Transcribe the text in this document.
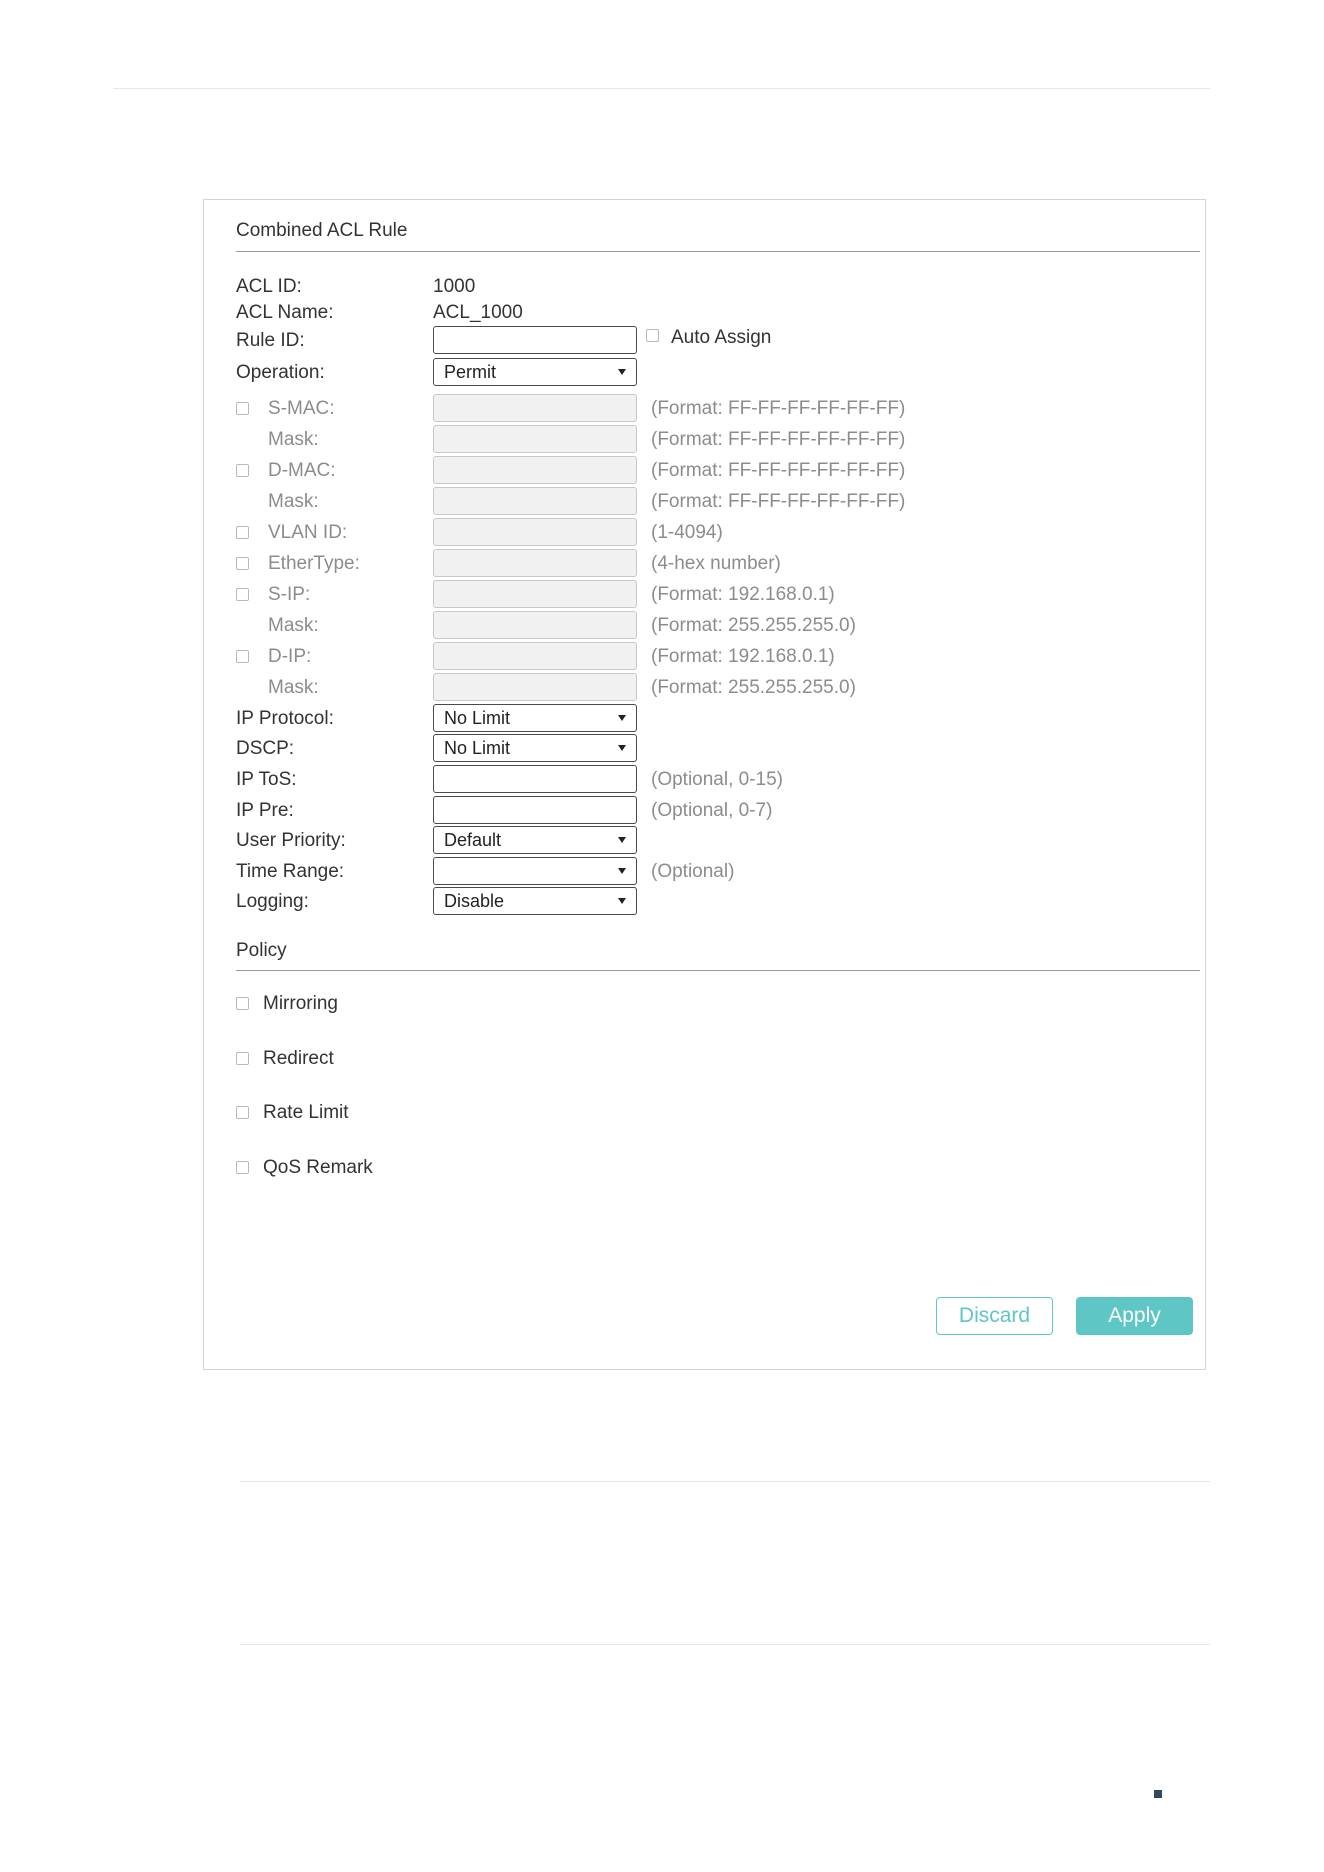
Combined ACL Rule
ACL ID:	1000
ACL Name:	ACL_1000
Rule ID:	Auto Assign
Operation:	Permit
S-MAC:	(Format: FF-FF-FF-FF-FF-FF)
Mask:	(Format: FF-FF-FF-FF-FF-FF)
D-MAC:	(Format: FF-FF-FF-FF-FF-FF)
Mask:	(Format: FF-FF-FF-FF-FF-FF)
VLAN ID:	(1-4094)
EtherType:	(4-hex number)
S-IP:	(Format: 192.168.0.1)
Mask:	(Format: 255.255.255.0)
D-IP:	(Format: 192.168.0.1)
Mask:	(Format: 255.255.255.0)
IP Protocol:	No Limit
DSCP:	No Limit
IP ToS:	(Optional, 0-15)
IP Pre:	(Optional, 0-7)
User Priority:	Default
Time Range:	(Optional)
Logging:	Disable
Policy
Mirroring
Redirect
Rate Limit
QoS Remark
Discard	Apply
